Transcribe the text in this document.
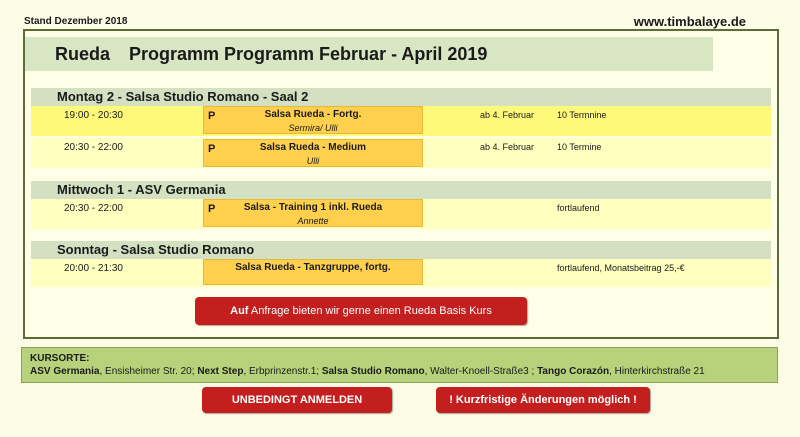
Stand Dezember 2018	www.timbalaye.de
Rueda Programm Programm Februar - April 2019
Montag 2 - Salsa Studio Romano - Saal 2
19:00 - 20:30	P	Salsa Rueda - Fortg.
Sermira/ Ulli
ab 4. Februar	10 Termnine
20:30 - 22:00	P	Salsa Rueda - Medium
Ulli
ab 4. Februar	10 Termine
Mittwoch 1 - ASV Germania
20:30 - 22:00	P	Salsa - Training 1 inkl. Rueda
Annette
fortlaufend
Sonntag - Salsa Studio Romano
20:00 - 21:30	Salsa Rueda - Tanzgruppe, fortg.	fortlaufend, Monatsbeitrag 25,-€
Auf Anfrage bieten wir gerne einen Rueda Basis Kurs
KURSORTE:
ASV Germania, Ensisheimer Str. 20; Next Step, Erbprinzenstr.1; Salsa Studio Romano, Walter-Knoell-Straße3 ; Tango Corazón, Hinterkirchstraße 21
UNBEDINGT ANMELDEN	! Kurzfristige Änderungen möglich !
